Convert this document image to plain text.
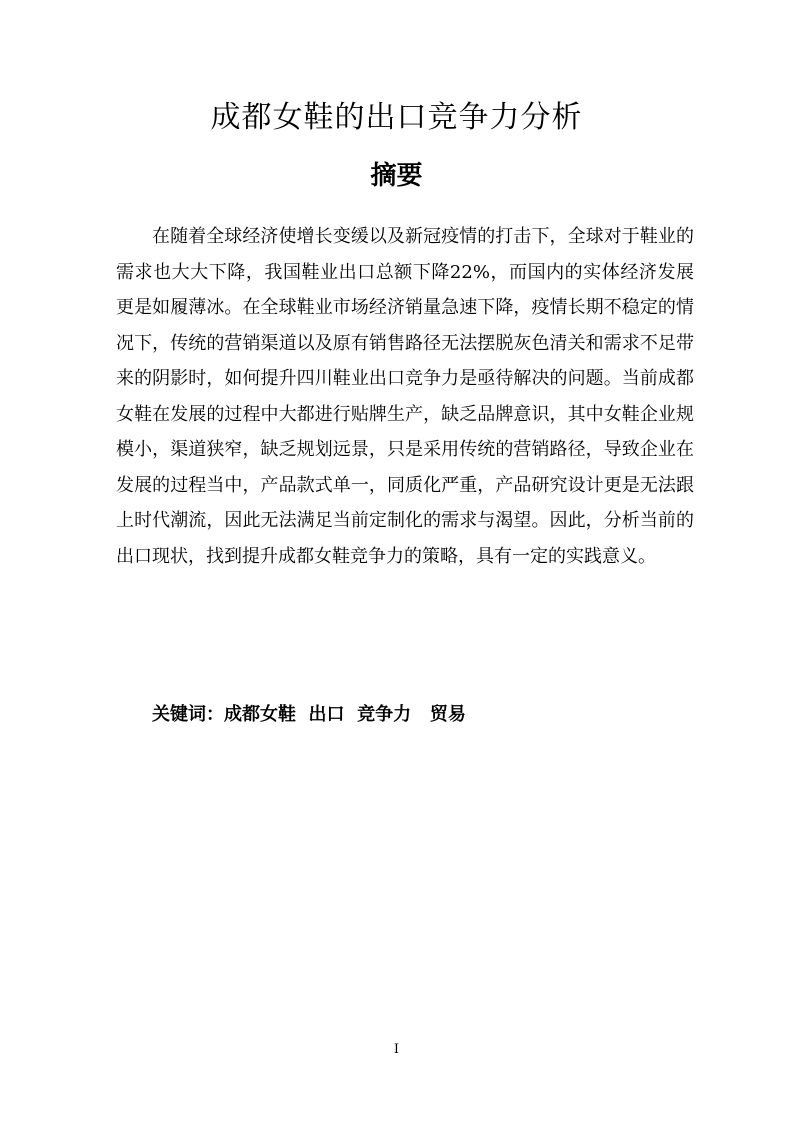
成都女鞋的出口竞争力分析
摘要

在随着全球经济使增长变缓以及新冠疫情的打击下，全球对于鞋业的需求也大大下降，我国鞋业出口总额下降22%，而国内的实体经济发展更是如履薄冰。在全球鞋业市场经济销量急速下降，疫情长期不稳定的情况下，传统的营销渠道以及原有销售路径无法摆脱灰色清关和需求不足带来的阴影时，如何提升四川鞋业出口竞争力是亟待解决的问题。当前成都女鞋在发展的过程中大都进行贴牌生产，缺乏品牌意识，其中女鞋企业规模小，渠道狭窄，缺乏规划远景，只是采用传统的营销路径，导致企业在发展的过程当中，产品款式单一，同质化严重，产品研究设计更是无法跟上时代潮流，因此无法满足当前定制化的需求与渴望。因此，分析当前的出口现状，找到提升成都女鞋竞争力的策略，具有一定的实践意义。

关键词：成都女鞋  出口  竞争力   贸易

I
